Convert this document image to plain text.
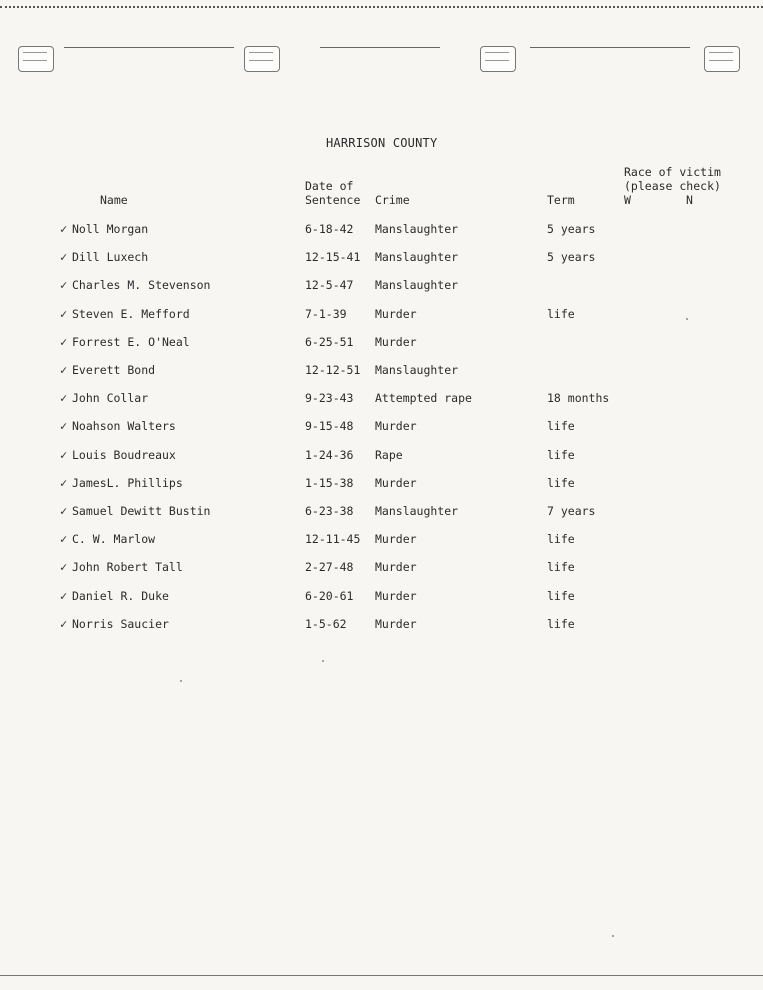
HARRISON COUNTY
Name
Date of
Sentence Crime	Term
Race of victim
(please check)
W	N
✓ Noll Morgan	6-18-42 Manslaughter	5 years
✓ Dill Luxech	12-15-41 Manslaughter	5 years
✓ Charles M. Stevenson	12-5-47 Manslaughter
✓ Steven E. Mefford	7-1-39 Murder	life
✓ Forrest E. O'Neal	6-25-51 Murder
✓ Everett Bond	12-12-51 Manslaughter
✓ John Collar	9-23-43 Attempted rape	18 months
✓ Noahson Walters	9-15-48 Murder	life
✓ Louis Boudreaux	1-24-36 Rape	life
✓ JamesL. Phillips	1-15-38 Murder	life
✓ Samuel Dewitt Bustin	6-23-38 Manslaughter	7 years
✓ C. W. Marlow	12-11-45 Murder	life
✓ John Robert Tall	2-27-48 Murder	life
✓ Daniel R. Duke	6-20-61 Murder	life
✓ Norris Saucier	1-5-62 Murder	life
